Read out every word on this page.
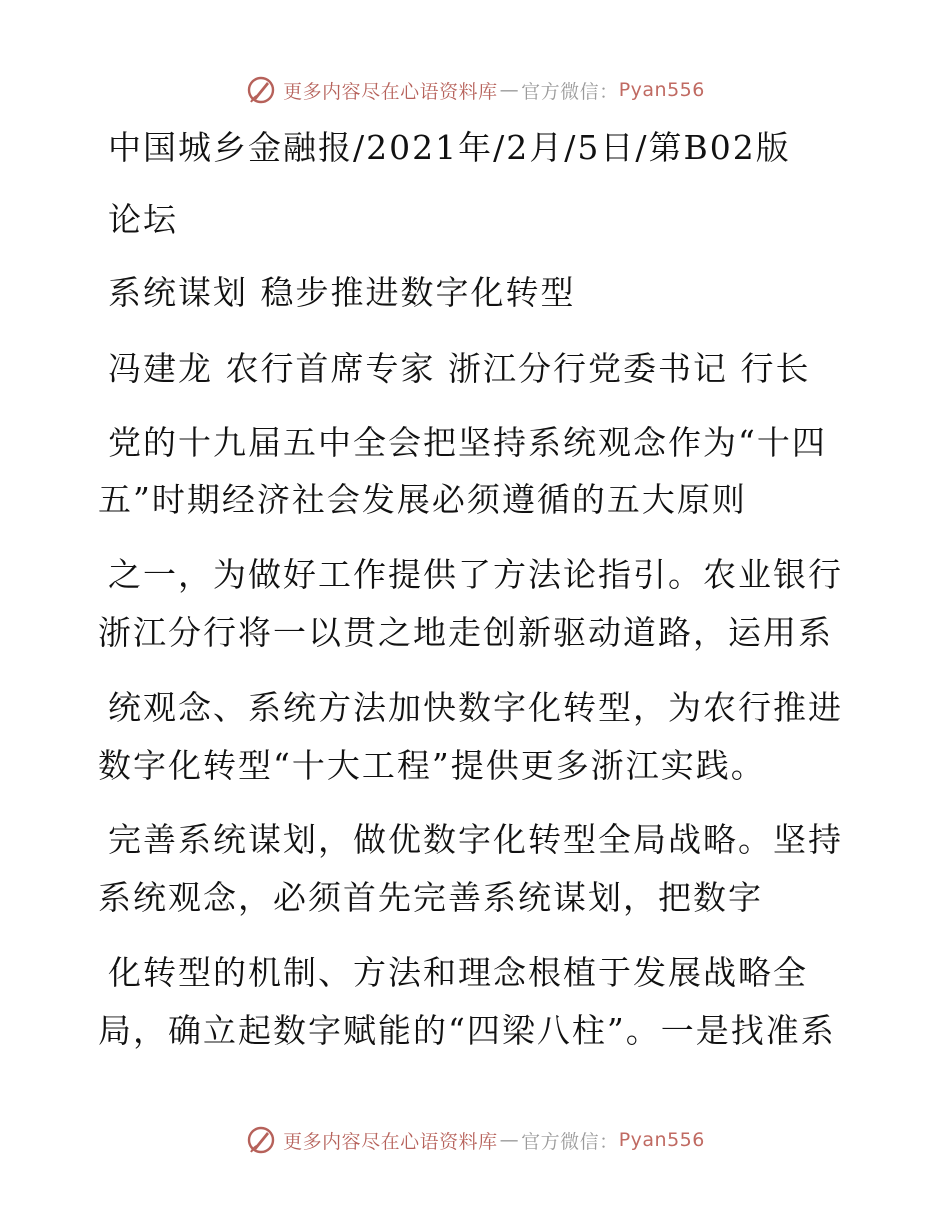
更多内容尽在心语资料库 — 官方微信： Pyan556
中国城乡金融报/2021年/2月/5日/第B02版
论坛
系统谋划 稳步推进数字化转型
冯建龙 农行首席专家 浙江分行党委书记 行长
党的十九届五中全会把坚持系统观念作为“十四
五”时期经济社会发展必须遵循的五大原则
之一，为做好工作提供了方法论指引。农业银行
浙江分行将一以贯之地走创新驱动道路，运用系
统观念、系统方法加快数字化转型，为农行推进
数字化转型“十大工程”提供更多浙江实践。
完善系统谋划，做优数字化转型全局战略。坚持
系统观念，必须首先完善系统谋划，把数字
化转型的机制、方法和理念根植于发展战略全
局，确立起数字赋能的“四梁八柱”。一是找准系
更多内容尽在心语资料库 — 官方微信： Pyan556
